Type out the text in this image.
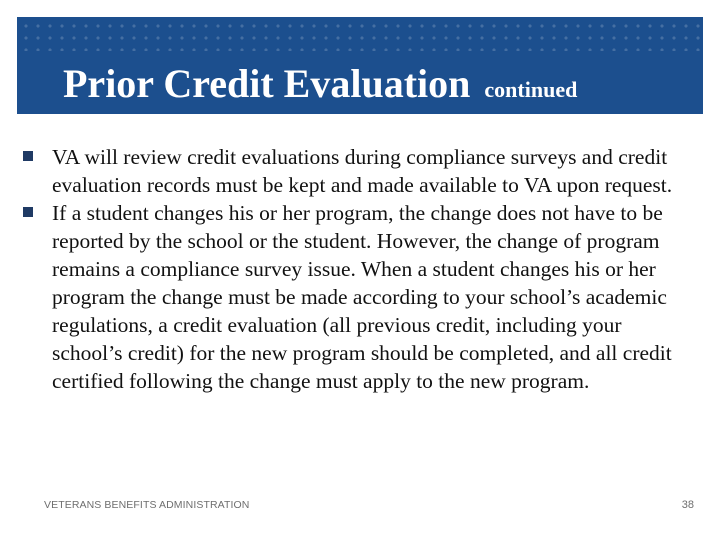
Prior Credit Evaluation continued
VA will review credit evaluations during compliance surveys and credit evaluation records must be kept and made available to VA upon request.
If a student changes his or her program, the change does not have to be reported by the school or the student. However, the change of program remains a compliance survey issue. When a student changes his or her program the change must be made according to your school’s academic regulations, a credit evaluation (all previous credit, including your school’s credit) for the new program should be completed, and all credit certified following the change must apply to the new program.
VETERANS BENEFITS ADMINISTRATION	38
